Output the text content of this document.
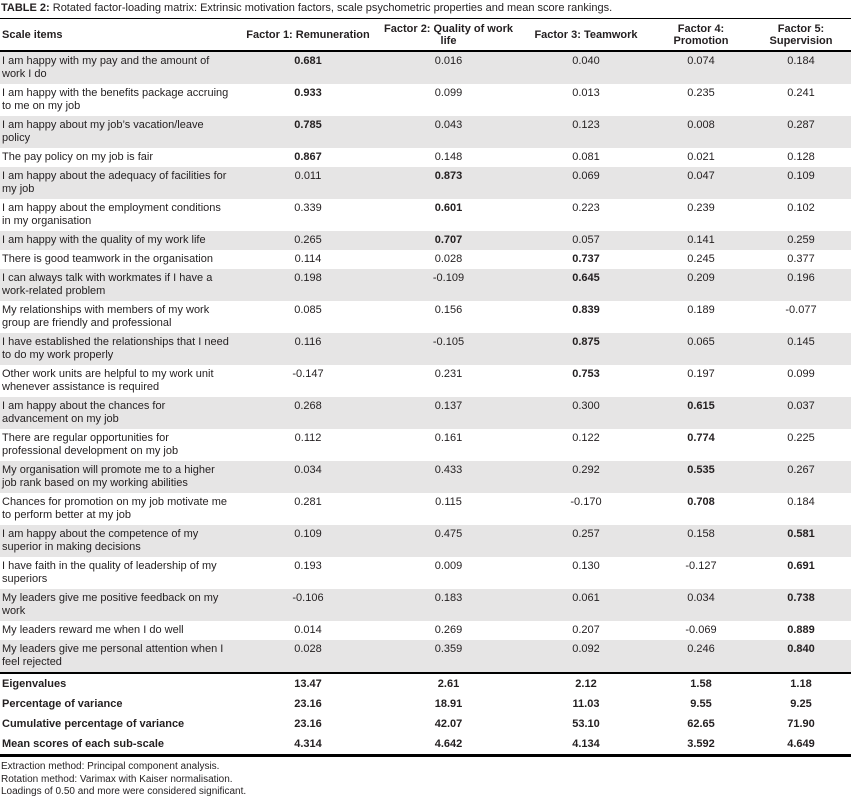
TABLE 2: Rotated factor-loading matrix: Extrinsic motivation factors, scale psychometric properties and mean score rankings.
Scale items	Factor 1: Remuneration	Factor 2: Quality of work life	Factor 3: Teamwork	Factor 4: Promotion	Factor 5: Supervision
I am happy with my pay and the amount of work I do	0.681	0.016	0.040	0.074	0.184
I am happy with the benefits package accruing to me on my job	0.933	0.099	0.013	0.235	0.241
I am happy about my job’s vacation/leave policy	0.785	0.043	0.123	0.008	0.287
The pay policy on my job is fair	0.867	0.148	0.081	0.021	0.128
I am happy about the adequacy of facilities for my job	0.011	0.873	0.069	0.047	0.109
I am happy about the employment conditions in my organisation	0.339	0.601	0.223	0.239	0.102
I am happy with the quality of my work life	0.265	0.707	0.057	0.141	0.259
There is good teamwork in the organisation	0.114	0.028	0.737	0.245	0.377
I can always talk with workmates if I have a work-related problem	0.198	-0.109	0.645	0.209	0.196
My relationships with members of my work group are friendly and professional	0.085	0.156	0.839	0.189	-0.077
I have established the relationships that I need to do my work properly	0.116	-0.105	0.875	0.065	0.145
Other work units are helpful to my work unit whenever assistance is required	-0.147	0.231	0.753	0.197	0.099
I am happy about the chances for advancement on my job	0.268	0.137	0.300	0.615	0.037
There are regular opportunities for professional development on my job	0.112	0.161	0.122	0.774	0.225
My organisation will promote me to a higher job rank based on my working abilities	0.034	0.433	0.292	0.535	0.267
Chances for promotion on my job motivate me to perform better at my job	0.281	0.115	-0.170	0.708	0.184
I am happy about the competence of my superior in making decisions	0.109	0.475	0.257	0.158	0.581
I have faith in the quality of leadership of my superiors	0.193	0.009	0.130	-0.127	0.691
My leaders give me positive feedback on my work	-0.106	0.183	0.061	0.034	0.738
My leaders reward me when I do well	0.014	0.269	0.207	-0.069	0.889
My leaders give me personal attention when I feel rejected	0.028	0.359	0.092	0.246	0.840
Eigenvalues	13.47	2.61	2.12	1.58	1.18
Percentage of variance	23.16	18.91	11.03	9.55	9.25
Cumulative percentage of variance	23.16	42.07	53.10	62.65	71.90
Mean scores of each sub-scale	4.314	4.642	4.134	3.592	4.649
Extraction method: Principal component analysis.
Rotation method: Varimax with Kaiser normalisation.
Loadings of 0.50 and more were considered significant.
